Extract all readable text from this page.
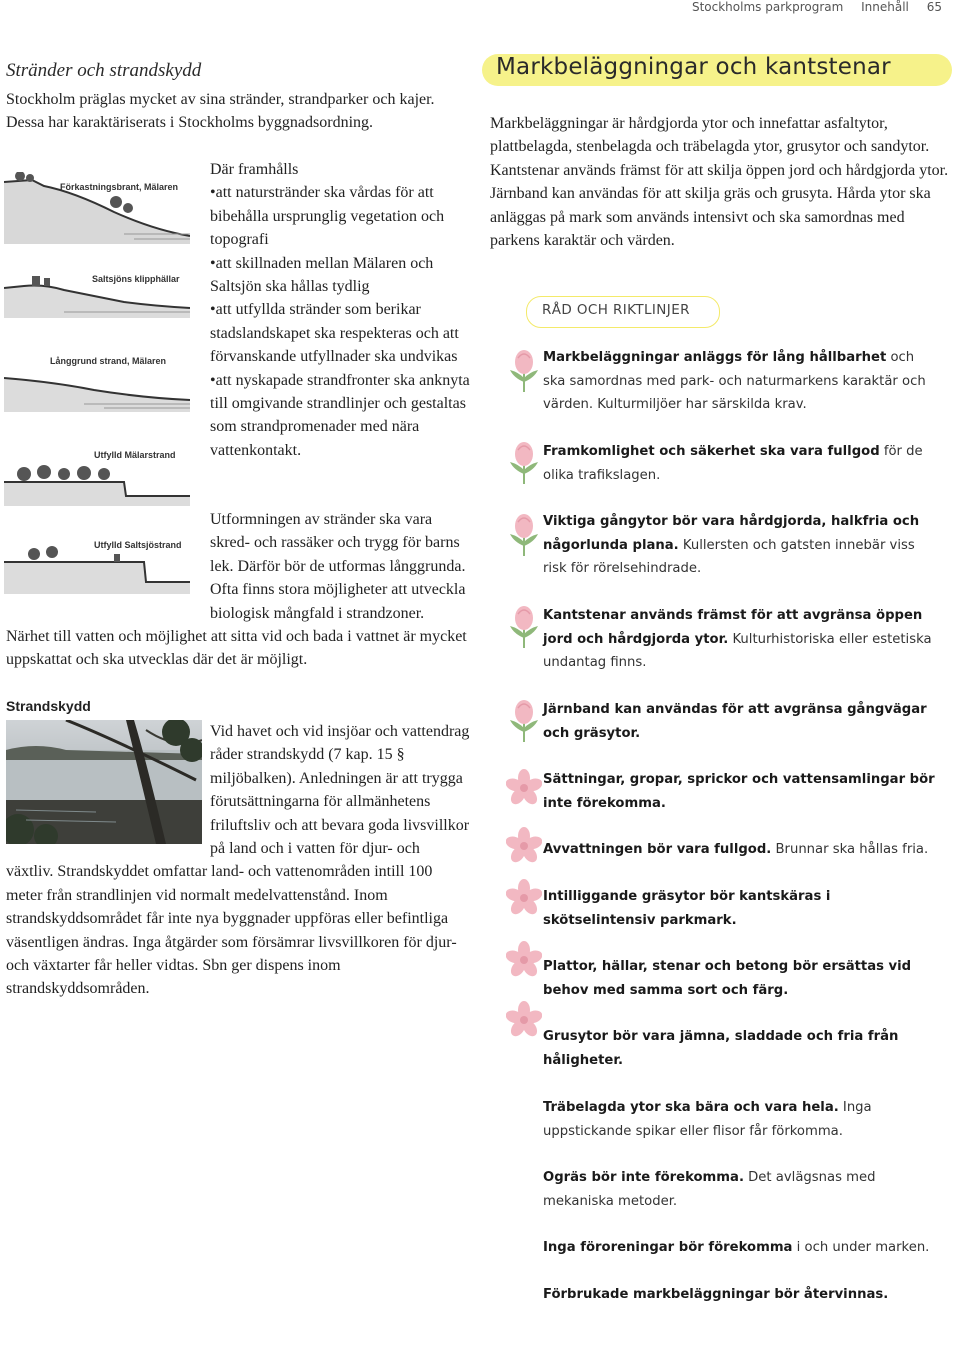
Stockholms parkprogram Innehåll 65
Stränder och strandskydd
Stockholm präglas mycket av sina stränder, strandparker och kajer. Dessa har karaktäriserats i Stockholms byggnadsordning.
Förkastningsbrant, Mälaren
Saltsjöns klipphällar
Långgrund strand, Mälaren
Utfylld Mälarstrand
Utfylld Saltsjöstrand
Där framhålls
•att naturstränder ska vårdas för att bibehålla ursprunglig vegetation och topografi
•att skillnaden mellan Mälaren och Saltsjön ska hållas tydlig
•att utfyllda stränder som berikar stadslandskapet ska respekteras och att förvanskande utfyllnader ska undvikas
•att nyskapade strandfronter ska anknyta till omgivande strandlinjer och gestaltas som strandpromenader med nära vattenkontakt.
Utformningen av stränder ska vara skred- och rassäker och trygg för barns lek. Därför bör de utformas långgrunda. Ofta finns stora möjligheter att utveckla biologisk mångfald i strandzoner. Närhet till vatten och möjlighet att sitta vid och bada i vattnet är mycket uppskattat och ska utvecklas där det är möjligt.
Strandskydd
Vid havet och vid insjöar och vattendrag råder strandskydd (7 kap. 15 § miljöbalken). Anledningen är att trygga förutsättningarna för allmänhetens friluftsliv och att bevara goda livsvillkor på land och i vatten för djur- och växtliv. Strandskyddet omfattar land- och vattenområden intill 100 meter från strandlinjen vid normalt medelvattenstånd. Inom strandskyddsområdet får inte nya byggnader uppföras eller befintliga väsentligen ändras. Inga åtgärder som försämrar livsvillkoren för djur- och växtarter får heller vidtas. Sbn ger dispens inom strandskyddsområden.
Markbeläggningar och kantstenar
Markbeläggningar är hårdgjorda ytor och innefattar asfaltytor, plattbelagda, stenbelagda och träbelagda ytor, grusytor och sandytor. Kantstenar används främst för att skilja öppen jord och hårdgjorda ytor. Järnband kan användas för att skilja gräs och grusyta. Hårda ytor ska anläggas på mark som används intensivt och ska samordnas med parkens karaktär och värden.
RÅD OCH RIKTLINJER
Markbeläggningar anläggs för lång hållbarhet och ska samordnas med park- och naturmarkens karaktär och värden. Kulturmiljöer har särskilda krav.
Framkomlighet och säkerhet ska vara fullgod för de olika trafikslagen.
Viktiga gångytor bör vara hårdgjorda, halkfria och någorlunda plana. Kullersten och gatsten innebär viss risk för rörelsehindrade.
Kantstenar används främst för att avgränsa öppen jord och hårdgjorda ytor. Kulturhistoriska eller estetiska undantag finns.
Järnband kan användas för att avgränsa gångvägar och gräsytor.
Sättningar, gropar, sprickor och vattensamlingar bör inte förekomma.
Avvattningen bör vara fullgod. Brunnar ska hållas fria.
Intilliggande gräsytor bör kantskäras i skötselintensiv parkmark.
Plattor, hällar, stenar och betong bör ersättas vid behov med samma sort och färg.
Grusytor bör vara jämna, sladdade och fria från håligheter.
Träbelagda ytor ska bära och vara hela. Inga uppstickande spikar eller flisor får förkomma.
Ogräs bör inte förekomma. Det avlägsnas med mekaniska metoder.
Inga föroreningar bör förekomma i och under marken.
Förbrukade markbeläggningar bör återvinnas.
